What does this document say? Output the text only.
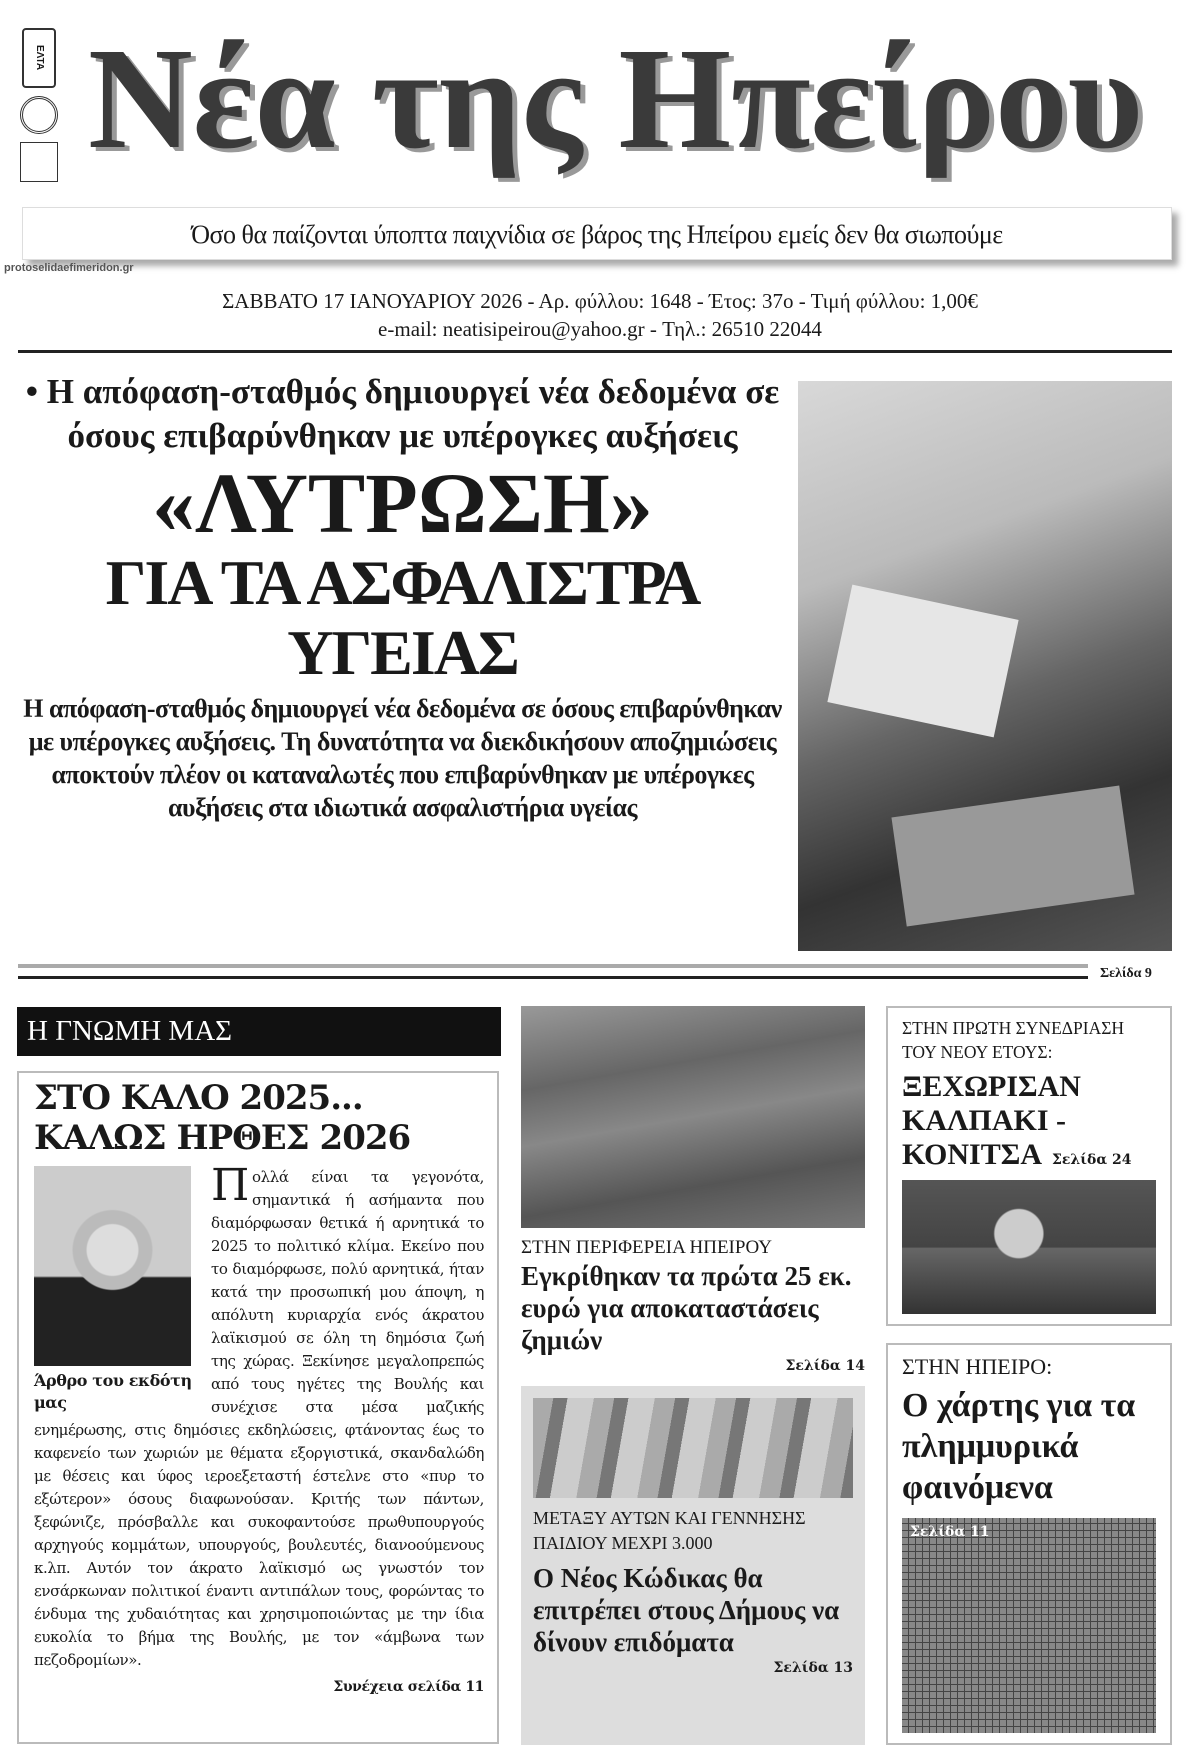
ΕΛΤΑ Νέα της Ηπείρου
Όσο θα παίζονται ύποπτα παιχνίδια σε βάρος της Ηπείρου εμείς δεν θα σιωπούμε
protoselidaefimeridon.gr
ΣΑΒΒΑΤΟ 17 ΙΑΝΟΥΑΡΙΟΥ 2026 - Αρ. φύλλου: 1648 - Έτος: 37ο - Τιμή φύλλου: 1,00€
e-mail: neatisipeirou@yahoo.gr - Τηλ.: 26510 22044
• Η απόφαση-σταθμός δημιουργεί νέα δεδομένα σε όσους επιβαρύνθηκαν με υπέρογκες αυξήσεις
«ΛΥΤΡΩΣΗ»
ΓΙΑ ΤΑ ΑΣΦΑΛΙΣΤΡΑ ΥΓΕΙΑΣ
Η απόφαση-σταθμός δημιουργεί νέα δεδομένα σε όσους επιβαρύνθηκαν με υπέρογκες αυξήσεις. Τη δυνατότητα να διεκδικήσουν αποζημιώσεις αποκτούν πλέον οι καταναλωτές που επιβαρύνθηκαν με υπέρογκες αυξήσεις στα ιδιωτικά ασφαλιστήρια υγείας
Σελίδα 9
Η ΓΝΩΜΗ ΜΑΣ
ΣΤΟ ΚΑΛΟ 2025... ΚΑΛΩΣ ΗΡΘΕΣ 2026
Άρθρο του εκδότη μας
Π ολλά είναι τα γεγονότα, σημαντικά ή ασήμαντα που διαμόρφωσαν θετικά ή αρνητικά το 2025 το πολιτικό κλίμα. Εκείνο που το διαμόρφωσε, πολύ αρνητικά, ήταν κατά την προσωπική μου άποψη, η απόλυτη κυριαρχία ενός άκρατου λαϊκισμού σε όλη τη δημόσια ζωή της χώρας. Ξεκίνησε μεγαλοπρεπώς από τους ηγέτες της Βουλής και συνέχισε στα μέσα μαζικής ενημέρωσης, στις δημόσιες εκδηλώσεις, φτάνοντας έως το καφενείο των χωριών με θέματα εξοργιστικά, σκανδαλώδη με θέσεις και ύφος ιεροεξεταστή έστελνε στο «πυρ το εξώτερον» όσους διαφωνούσαν. Κριτής των πάντων, ξεφώνιζε, πρόσβαλλε και συκοφαντούσε πρωθυπουργούς αρχηγούς κομμάτων, υπουργούς, βουλευτές, διανοούμενους κ.λπ. Αυτόν τον άκρατο λαϊκισμό ως γνωστόν τον ενσάρκωναν πολιτικοί έναντι αντιπάλων τους, φορώντας το ένδυμα της χυδαιότητας και χρησιμοποιώντας με την ίδια ευκολία το βήμα της Βουλής, με τον «άμβωνα των πεζοδρομίων».
Συνέχεια σελίδα 11
ΣΤΗΝ ΠΕΡΙΦΕΡΕΙΑ ΗΠΕΙΡΟΥ
Εγκρίθηκαν τα πρώτα 25 εκ. ευρώ για αποκαταστάσεις ζημιών
Σελίδα 14
ΜΕΤΑΞΥ ΑΥΤΩΝ ΚΑΙ ΓΕΝΝΗΣΗΣ ΠΑΙΔΙΟΥ ΜΕΧΡΙ 3.000
Ο Νέος Κώδικας θα επιτρέπει στους Δήμους να δίνουν επιδόματα
Σελίδα 13
ΣΤΗΝ ΠΡΩΤΗ ΣΥΝΕΔΡΙΑΣΗ ΤΟΥ ΝΕΟΥ ΕΤΟΥΣ:
ΞΕΧΩΡΙΣΑΝ ΚΑΛΠΑΚΙ - ΚΟΝΙΤΣΑ Σελίδα 24
ΣΤΗΝ ΗΠΕΙΡΟ:
Ο χάρτης για τα πλημμυρικά φαινόμενα
Σελίδα 11
